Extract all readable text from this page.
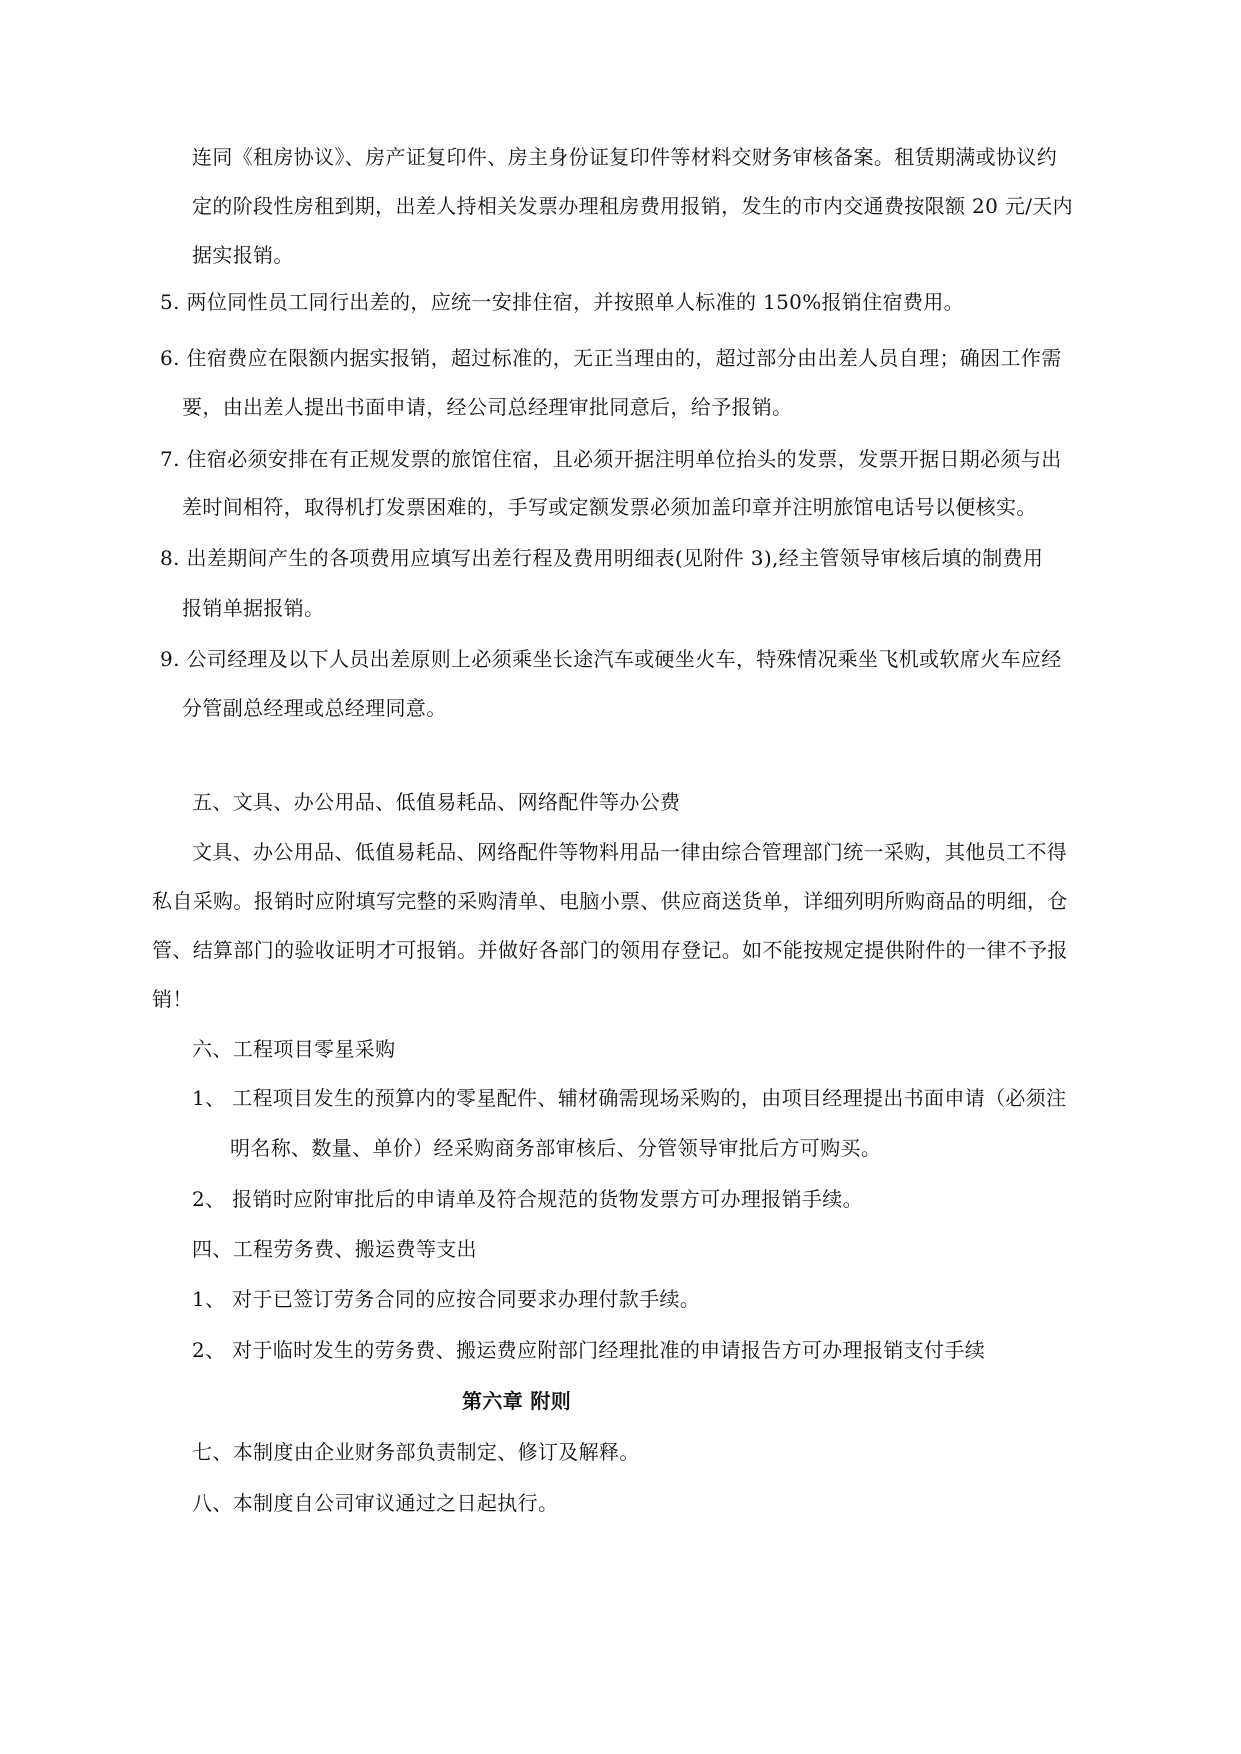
连同《租房协议》、房产证复印件、房主身份证复印件等材料交财务审核备案。租赁期满或协议约
定的阶段性房租到期，出差人持相关发票办理租房费用报销，发生的市内交通费按限额 20 元/天内
据实报销。
5. 两位同性员工同行出差的，应统一安排住宿，并按照单人标准的 150%报销住宿费用。
6. 住宿费应在限额内据实报销，超过标准的，无正当理由的，超过部分由出差人员自理；确因工作需
要，由出差人提出书面申请，经公司总经理审批同意后，给予报销。
7. 住宿必须安排在有正规发票的旅馆住宿，且必须开据注明单位抬头的发票，发票开据日期必须与出
差时间相符，取得机打发票困难的，手写或定额发票必须加盖印章并注明旅馆电话号以便核实。
8. 出差期间产生的各项费用应填写出差行程及费用明细表(见附件 3),经主管领导审核后填的制费用
报销单据报销。
9. 公司经理及以下人员出差原则上必须乘坐长途汽车或硬坐火车，特殊情况乘坐飞机或软席火车应经
分管副总经理或总经理同意。
五、文具、办公用品、低值易耗品、网络配件等办公费
文具、办公用品、低值易耗品、网络配件等物料用品一律由综合管理部门统一采购，其他员工不得
私自采购。报销时应附填写完整的采购清单、电脑小票、供应商送货单，详细列明所购商品的明细，仓
管、结算部门的验收证明才可报销。并做好各部门的领用存登记。如不能按规定提供附件的一律不予报
销！
六、工程项目零星采购
1、 工程项目发生的预算内的零星配件、辅材确需现场采购的，由项目经理提出书面申请（必须注
明名称、数量、单价）经采购商务部审核后、分管领导审批后方可购买。
2、 报销时应附审批后的申请单及符合规范的货物发票方可办理报销手续。
四、工程劳务费、搬运费等支出
1、 对于已签订劳务合同的应按合同要求办理付款手续。
2、 对于临时发生的劳务费、搬运费应附部门经理批准的申请报告方可办理报销支付手续
第六章 附则
七、本制度由企业财务部负责制定、修订及解释。
八、本制度自公司审议通过之日起执行。
